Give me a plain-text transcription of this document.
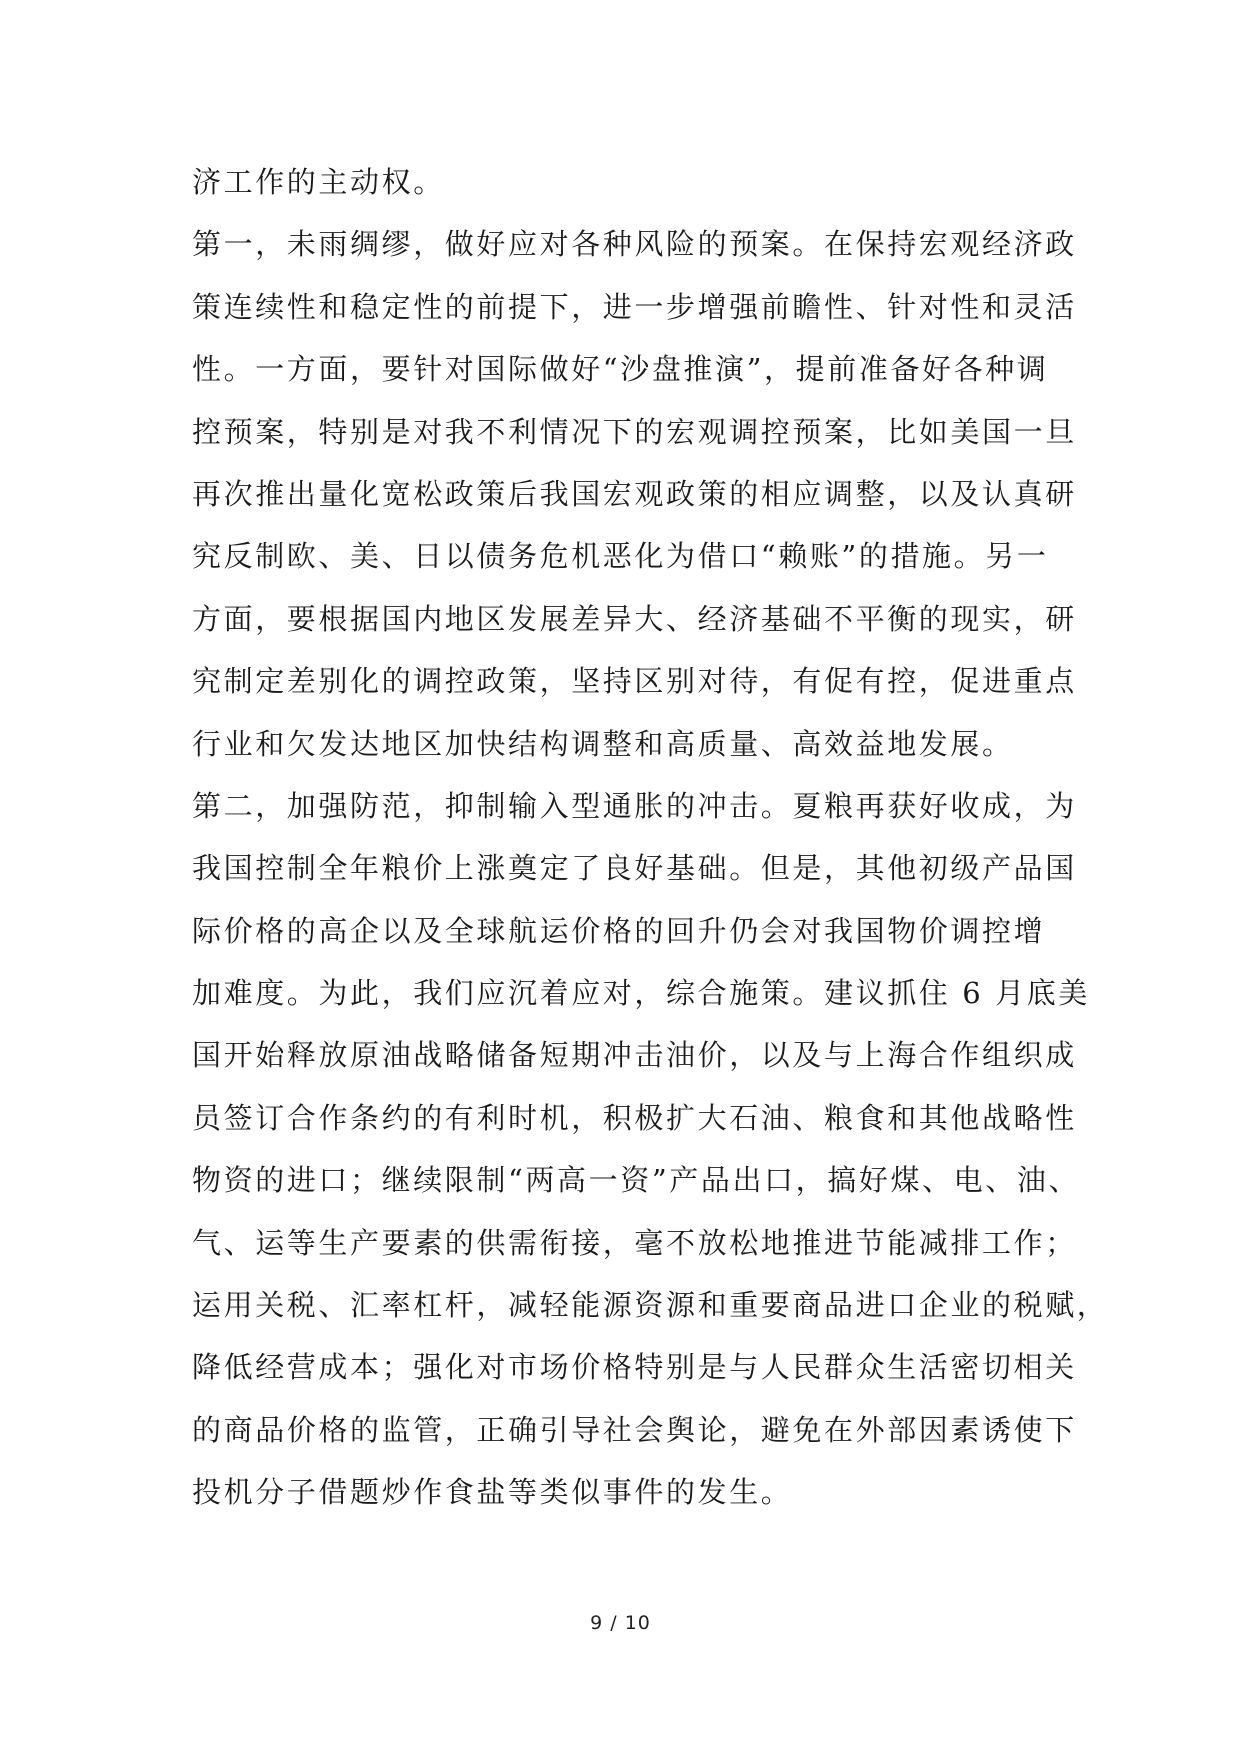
济工作的主动权。
第一，未雨绸缪，做好应对各种风险的预案。在保持宏观经济政
策连续性和稳定性的前提下，进一步增强前瞻性、针对性和灵活
性。一方面，要针对国际做好“沙盘推演”，提前准备好各种调
控预案，特别是对我不利情况下的宏观调控预案，比如美国一旦
再次推出量化宽松政策后我国宏观政策的相应调整，以及认真研
究反制欧、美、日以债务危机恶化为借口“赖账”的措施。另一
方面，要根据国内地区发展差异大、经济基础不平衡的现实，研
究制定差别化的调控政策，坚持区别对待，有促有控，促进重点
行业和欠发达地区加快结构调整和高质量、高效益地发展。
第二，加强防范，抑制输入型通胀的冲击。夏粮再获好收成，为
我国控制全年粮价上涨奠定了良好基础。但是，其他初级产品国
际价格的高企以及全球航运价格的回升仍会对我国物价调控增
加难度。为此，我们应沉着应对，综合施策。建议抓住 6 月底美
国开始释放原油战略储备短期冲击油价，以及与上海合作组织成
员签订合作条约的有利时机，积极扩大石油、粮食和其他战略性
物资的进口；继续限制“两高一资”产品出口，搞好煤、电、油、
气、运等生产要素的供需衔接，毫不放松地推进节能减排工作；
运用关税、汇率杠杆，减轻能源资源和重要商品进口企业的税赋，
降低经营成本；强化对市场价格特别是与人民群众生活密切相关
的商品价格的监管，正确引导社会舆论，避免在外部因素诱使下
投机分子借题炒作食盐等类似事件的发生。
9 / 10
